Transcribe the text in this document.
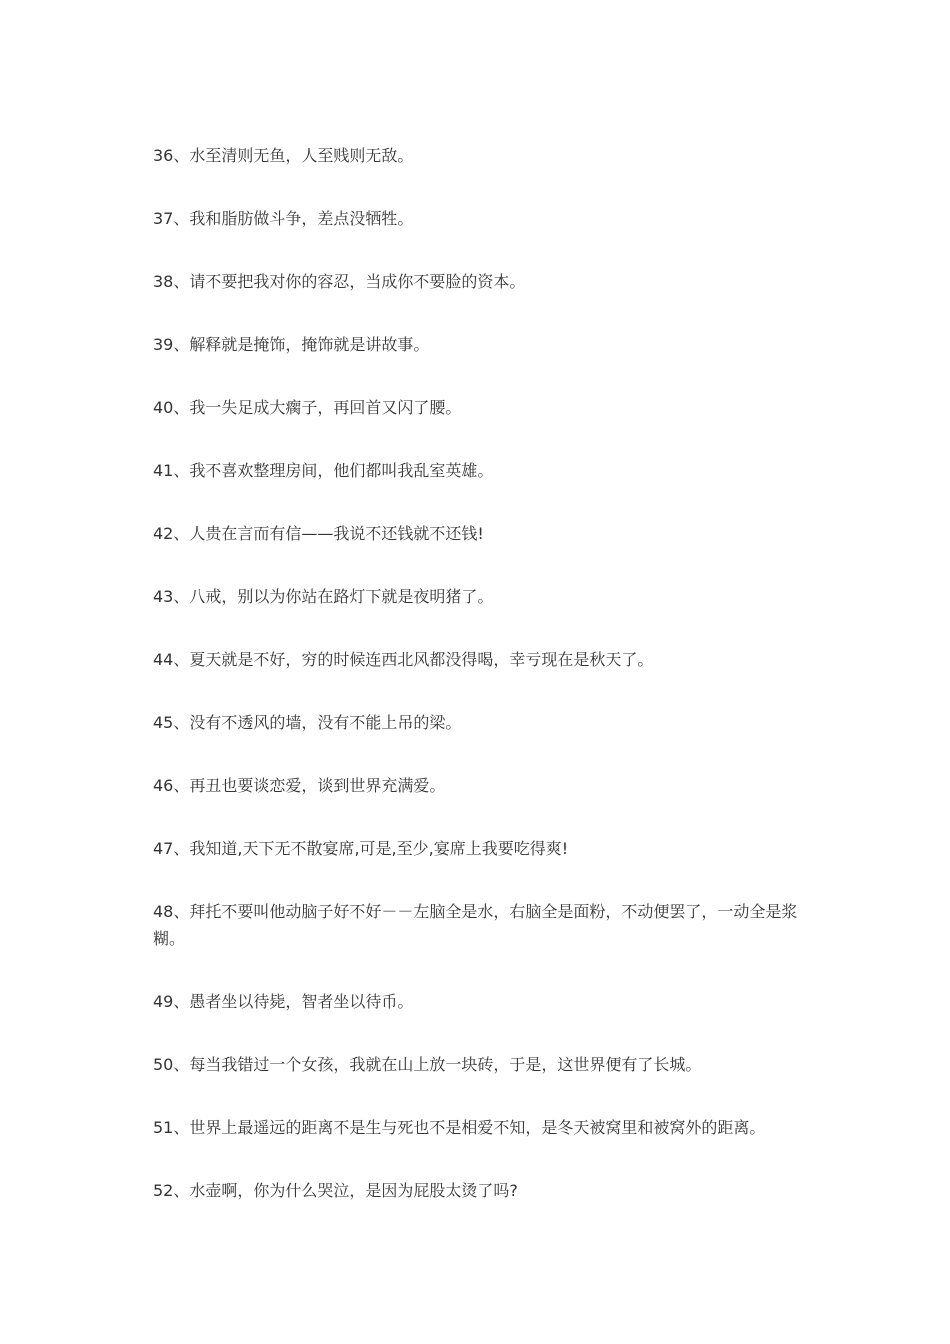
36、水至清则无鱼，人至贱则无敌。

37、我和脂肪做斗争，差点没牺牲。

38、请不要把我对你的容忍，当成你不要脸的资本。

39、解释就是掩饰，掩饰就是讲故事。

40、我一失足成大瘸子，再回首又闪了腰。

41、我不喜欢整理房间，他们都叫我乱室英雄。

42、人贵在言而有信——我说不还钱就不还钱!

43、八戒，别以为你站在路灯下就是夜明猪了。

44、夏天就是不好，穷的时候连西北风都没得喝，幸亏现在是秋天了。

45、没有不透风的墙，没有不能上吊的梁。

46、再丑也要谈恋爱，谈到世界充满爱。

47、我知道,天下无不散宴席,可是,至少,宴席上我要吃得爽!

48、拜托不要叫他动脑子好不好－－左脑全是水，右脑全是面粉，不动便罢了，一动全是浆糊。

49、愚者坐以待毙，智者坐以待币。

50、每当我错过一个女孩，我就在山上放一块砖，于是，这世界便有了长城。

51、世界上最遥远的距离不是生与死也不是相爱不知，是冬天被窝里和被窝外的距离。

52、水壶啊，你为什么哭泣，是因为屁股太烫了吗?
